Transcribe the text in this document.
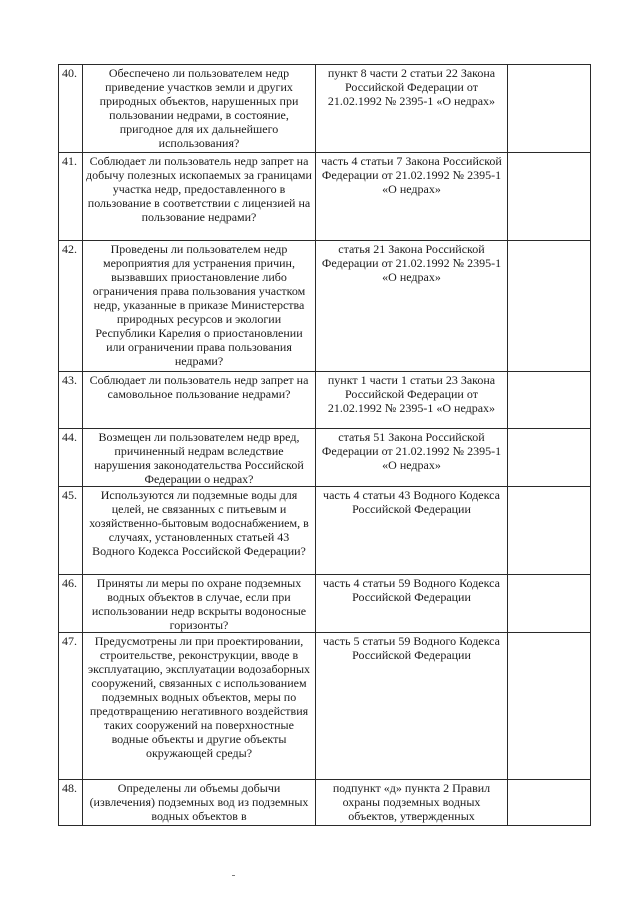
40.	Обеспечено ли пользователем недр приведение участков земли и других природных объектов, нарушенных при пользовании недрами, в состояние, пригодное для их дальнейшего использования?	пункт 8 части 2 статьи 22 Закона Российской Федерации от 21.02.1992 № 2395-1 «О недрах»	
41.	Соблюдает ли пользователь недр запрет на добычу полезных ископаемых за границами участка недр, предоставленного в пользование в соответствии с лицензией на пользование недрами?	часть 4 статьи 7 Закона Российской Федерации от 21.02.1992 № 2395-1 «О недрах»	
42.	Проведены ли пользователем недр мероприятия для устранения причин, вызвавших приостановление либо ограничения права пользования участком недр, указанные в приказе Министерства природных ресурсов и экологии Республики Карелия о приостановлении или ограничении права пользования недрами?	статья 21 Закона Российской Федерации от 21.02.1992 № 2395-1 «О недрах»	
43.	Соблюдает ли пользователь недр запрет на самовольное пользование недрами?	пункт 1 части 1 статьи 23 Закона Российской Федерации от 21.02.1992 № 2395-1 «О недрах»	
44.	Возмещен ли пользователем недр вред, причиненный недрам вследствие нарушения законодательства Российской Федерации о недрах?	статья 51 Закона Российской Федерации от 21.02.1992 № 2395-1 «О недрах»	
45.	Используются ли подземные воды для целей, не связанных с питьевым и хозяйственно-бытовым водоснабжением, в случаях, установленных статьей 43 Водного Кодекса Российской Федерации?	часть 4 статьи 43 Водного Кодекса Российской Федерации	
46.	Приняты ли меры по охране подземных водных объектов в случае, если при использовании недр вскрыты водоносные горизонты?	часть 4 статьи 59 Водного Кодекса Российской Федерации	
47.	Предусмотрены ли при проектировании, строительстве, реконструкции, вводе в эксплуатацию, эксплуатации водозаборных сооружений, связанных с использованием подземных водных объектов, меры по предотвращению негативного воздействия таких сооружений на поверхностные водные объекты и другие объекты окружающей среды?	часть 5 статьи 59 Водного Кодекса Российской Федерации	
48.	Определены ли объемы добычи (извлечения) подземных вод из подземных водных объектов в	подпункт «д» пункта 2 Правил охраны подземных водных объектов, утвержденных	
